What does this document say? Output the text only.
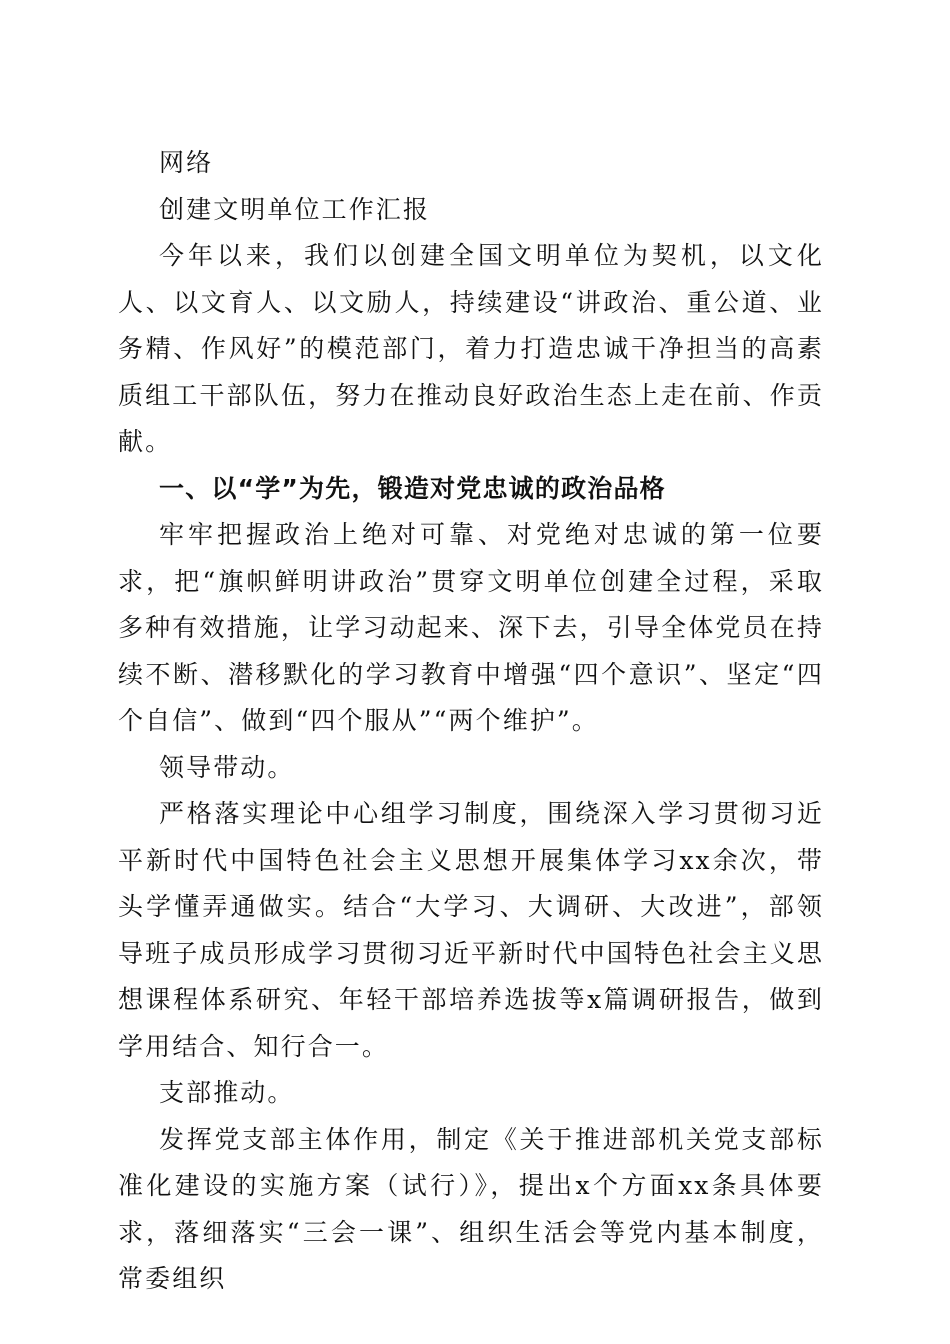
网络

创建文明单位工作汇报

今年以来，我们以创建全国文明单位为契机，以文化人、以文育人、以文励人，持续建设“讲政治、重公道、业务精、作风好”的模范部门，着力打造忠诚干净担当的高素质组工干部队伍，努力在推动良好政治生态上走在前、作贡献。

一、以“学”为先，锻造对党忠诚的政治品格

牢牢把握政治上绝对可靠、对党绝对忠诚的第一位要求，把“旗帜鲜明讲政治”贯穿文明单位创建全过程，采取多种有效措施，让学习动起来、深下去，引导全体党员在持续不断、潜移默化的学习教育中增强“四个意识”、坚定“四个自信”、做到“四个服从”“两个维护”。

领导带动。

严格落实理论中心组学习制度，围绕深入学习贯彻习近平新时代中国特色社会主义思想开展集体学习xx余次，带头学懂弄通做实。结合“大学习、大调研、大改进”，部领导班子成员形成学习贯彻习近平新时代中国特色社会主义思想课程体系研究、年轻干部培养选拔等x篇调研报告，做到学用结合、知行合一。

支部推动。

发挥党支部主体作用，制定《关于推进部机关党支部标准化建设的实施方案（试行）》，提出x个方面xx条具体要求，落细落实“三会一课”、组织生活会等党内基本制度，常委组织
